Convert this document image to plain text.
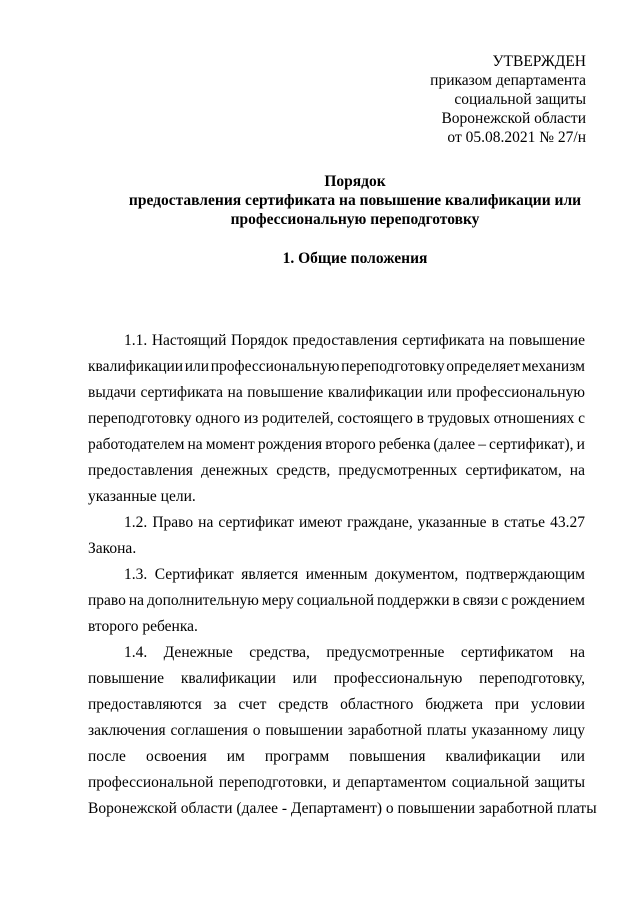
УТВЕРЖДЕН
приказом департамента
социальной защиты
Воронежской области
от 05.08.2021 № 27/н
Порядок
предоставления сертификата на повышение квалификации или
профессиональную переподготовку
1. Общие положения
1.1. Настоящий Порядок предоставления сертификата на повышение
квалификации или профессиональную переподготовку определяет механизм
выдачи сертификата на повышение квалификации или профессиональную
переподготовку одного из родителей, состоящего в трудовых отношениях с
работодателем на момент рождения второго ребенка (далее – сертификат), и
предоставления денежных средств, предусмотренных сертификатом, на
указанные цели.
1.2. Право на сертификат имеют граждане, указанные в статье 43.27
Закона.
1.3. Сертификат является именным документом, подтверждающим
право на дополнительную меру социальной поддержки в связи с рождением
второго ребенка.
1.4. Денежные средства, предусмотренные сертификатом на
повышение квалификации или профессиональную переподготовку,
предоставляются за счет средств областного бюджета при условии
заключения соглашения о повышении заработной платы указанному лицу
после освоения им программ повышения квалификации или
профессиональной переподготовки, и департаментом социальной защиты
Воронежской области (далее - Департамент) о повышении заработной платы
